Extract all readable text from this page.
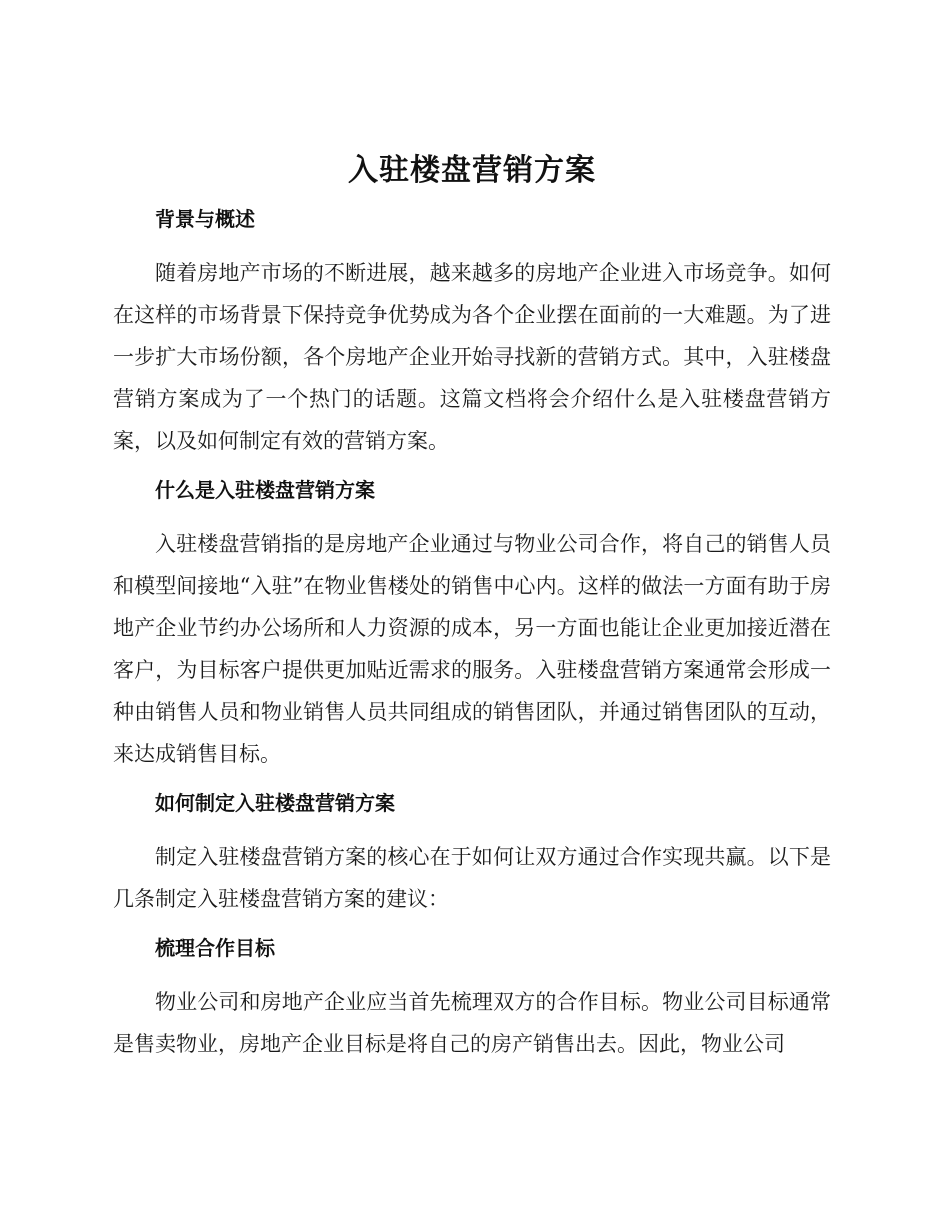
入驻楼盘营销方案
背景与概述

随着房地产市场的不断进展，越来越多的房地产企业进入市场竞争。如何在这样的市场背景下保持竞争优势成为各个企业摆在面前的一大难题。为了进一步扩大市场份额，各个房地产企业开始寻找新的营销方式。其中，入驻楼盘营销方案成为了一个热门的话题。这篇文档将会介绍什么是入驻楼盘营销方案，以及如何制定有效的营销方案。

什么是入驻楼盘营销方案

入驻楼盘营销指的是房地产企业通过与物业公司合作，将自己的销售人员和模型间接地“入驻”在物业售楼处的销售中心内。这样的做法一方面有助于房地产企业节约办公场所和人力资源的成本，另一方面也能让企业更加接近潜在客户，为目标客户提供更加贴近需求的服务。入驻楼盘营销方案通常会形成一种由销售人员和物业销售人员共同组成的销售团队，并通过销售团队的互动，来达成销售目标。

如何制定入驻楼盘营销方案

制定入驻楼盘营销方案的核心在于如何让双方通过合作实现共赢。以下是几条制定入驻楼盘营销方案的建议：

梳理合作目标

物业公司和房地产企业应当首先梳理双方的合作目标。物业公司目标通常是售卖物业，房地产企业目标是将自己的房产销售出去。因此，物业公司
